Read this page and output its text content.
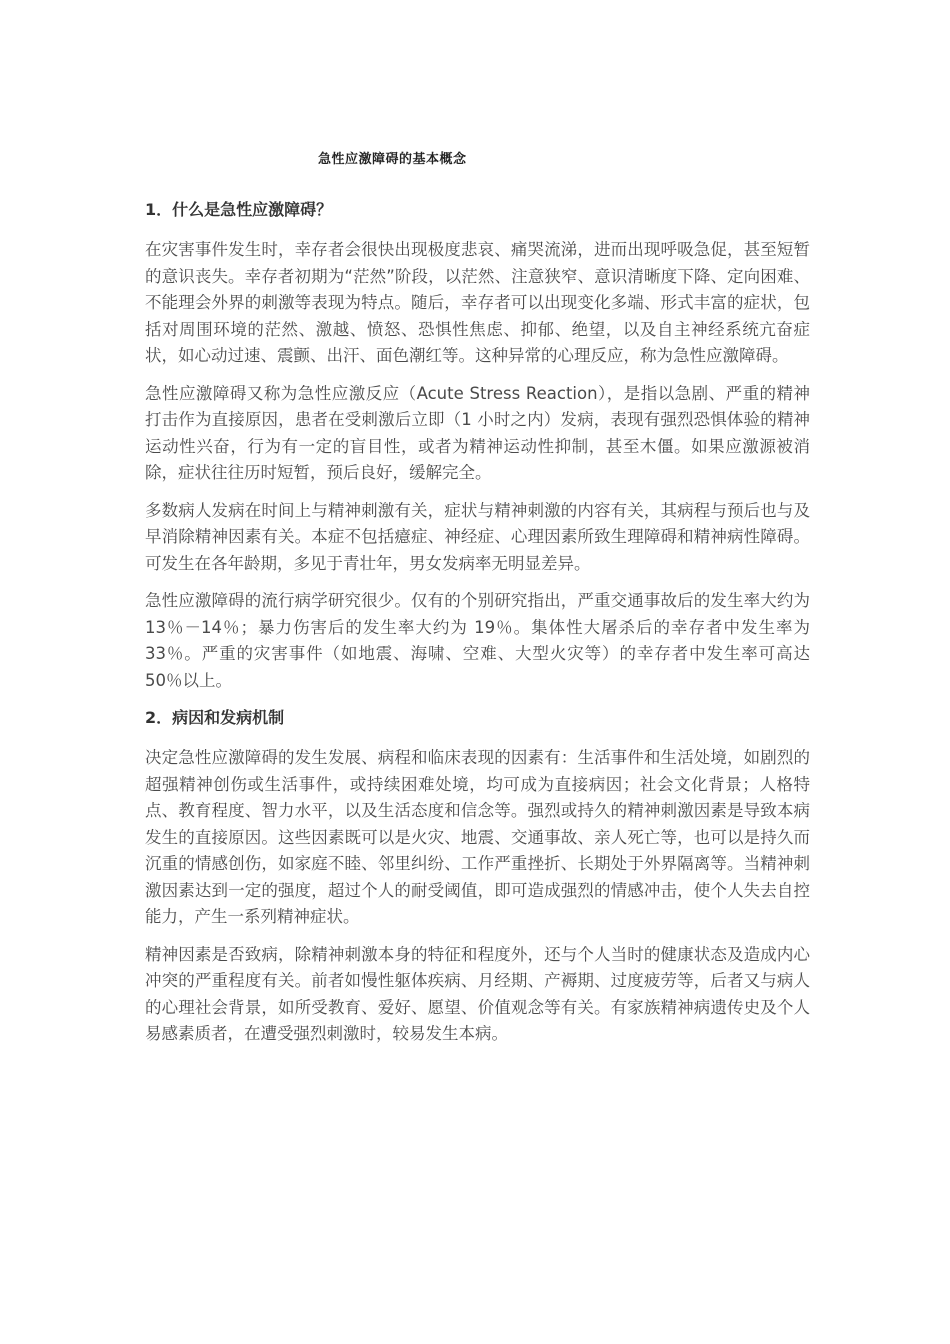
急性应激障碍的基本概念
1．什么是急性应激障碍？

在灾害事件发生时，幸存者会很快出现极度悲哀、痛哭流涕，进而出现呼吸急促，甚至短暂的意识丧失。幸存者初期为“茫然”阶段，以茫然、注意狭窄、意识清晰度下降、定向困难、不能理会外界的刺激等表现为特点。随后，幸存者可以出现变化多端、形式丰富的症状，包括对周围环境的茫然、激越、愤怒、恐惧性焦虑、抑郁、绝望，以及自主神经系统亢奋症状，如心动过速、震颤、出汗、面色潮红等。这种异常的心理反应，称为急性应激障碍。

急性应激障碍又称为急性应激反应（Acute Stress Reaction），是指以急剧、严重的精神打击作为直接原因，患者在受刺激后立即（1 小时之内）发病，表现有强烈恐惧体验的精神运动性兴奋，行为有一定的盲目性，或者为精神运动性抑制，甚至木僵。如果应激源被消除，症状往往历时短暂，预后良好，缓解完全。

多数病人发病在时间上与精神刺激有关，症状与精神刺激的内容有关，其病程与预后也与及早消除精神因素有关。本症不包括癔症、神经症、心理因素所致生理障碍和精神病性障碍。可发生在各年龄期，多见于青壮年，男女发病率无明显差异。

急性应激障碍的流行病学研究很少。仅有的个别研究指出，严重交通事故后的发生率大约为 13％－14％；暴力伤害后的发生率大约为 19％。集体性大屠杀后的幸存者中发生率为 33％。严重的灾害事件（如地震、海啸、空难、大型火灾等）的幸存者中发生率可高达 50％以上。

2．病因和发病机制

决定急性应激障碍的发生发展、病程和临床表现的因素有：生活事件和生活处境，如剧烈的超强精神创伤或生活事件，或持续困难处境，均可成为直接病因；社会文化背景；人格特点、教育程度、智力水平，以及生活态度和信念等。强烈或持久的精神刺激因素是导致本病发生的直接原因。这些因素既可以是火灾、地震、交通事故、亲人死亡等，也可以是持久而沉重的情感创伤，如家庭不睦、邻里纠纷、工作严重挫折、长期处于外界隔离等。当精神刺激因素达到一定的强度，超过个人的耐受阈值，即可造成强烈的情感冲击，使个人失去自控能力，产生一系列精神症状。

精神因素是否致病，除精神刺激本身的特征和程度外，还与个人当时的健康状态及造成内心冲突的严重程度有关。前者如慢性躯体疾病、月经期、产褥期、过度疲劳等，后者又与病人的心理社会背景，如所受教育、爱好、愿望、价值观念等有关。有家族精神病遗传史及个人易感素质者，在遭受强烈刺激时，较易发生本病。
